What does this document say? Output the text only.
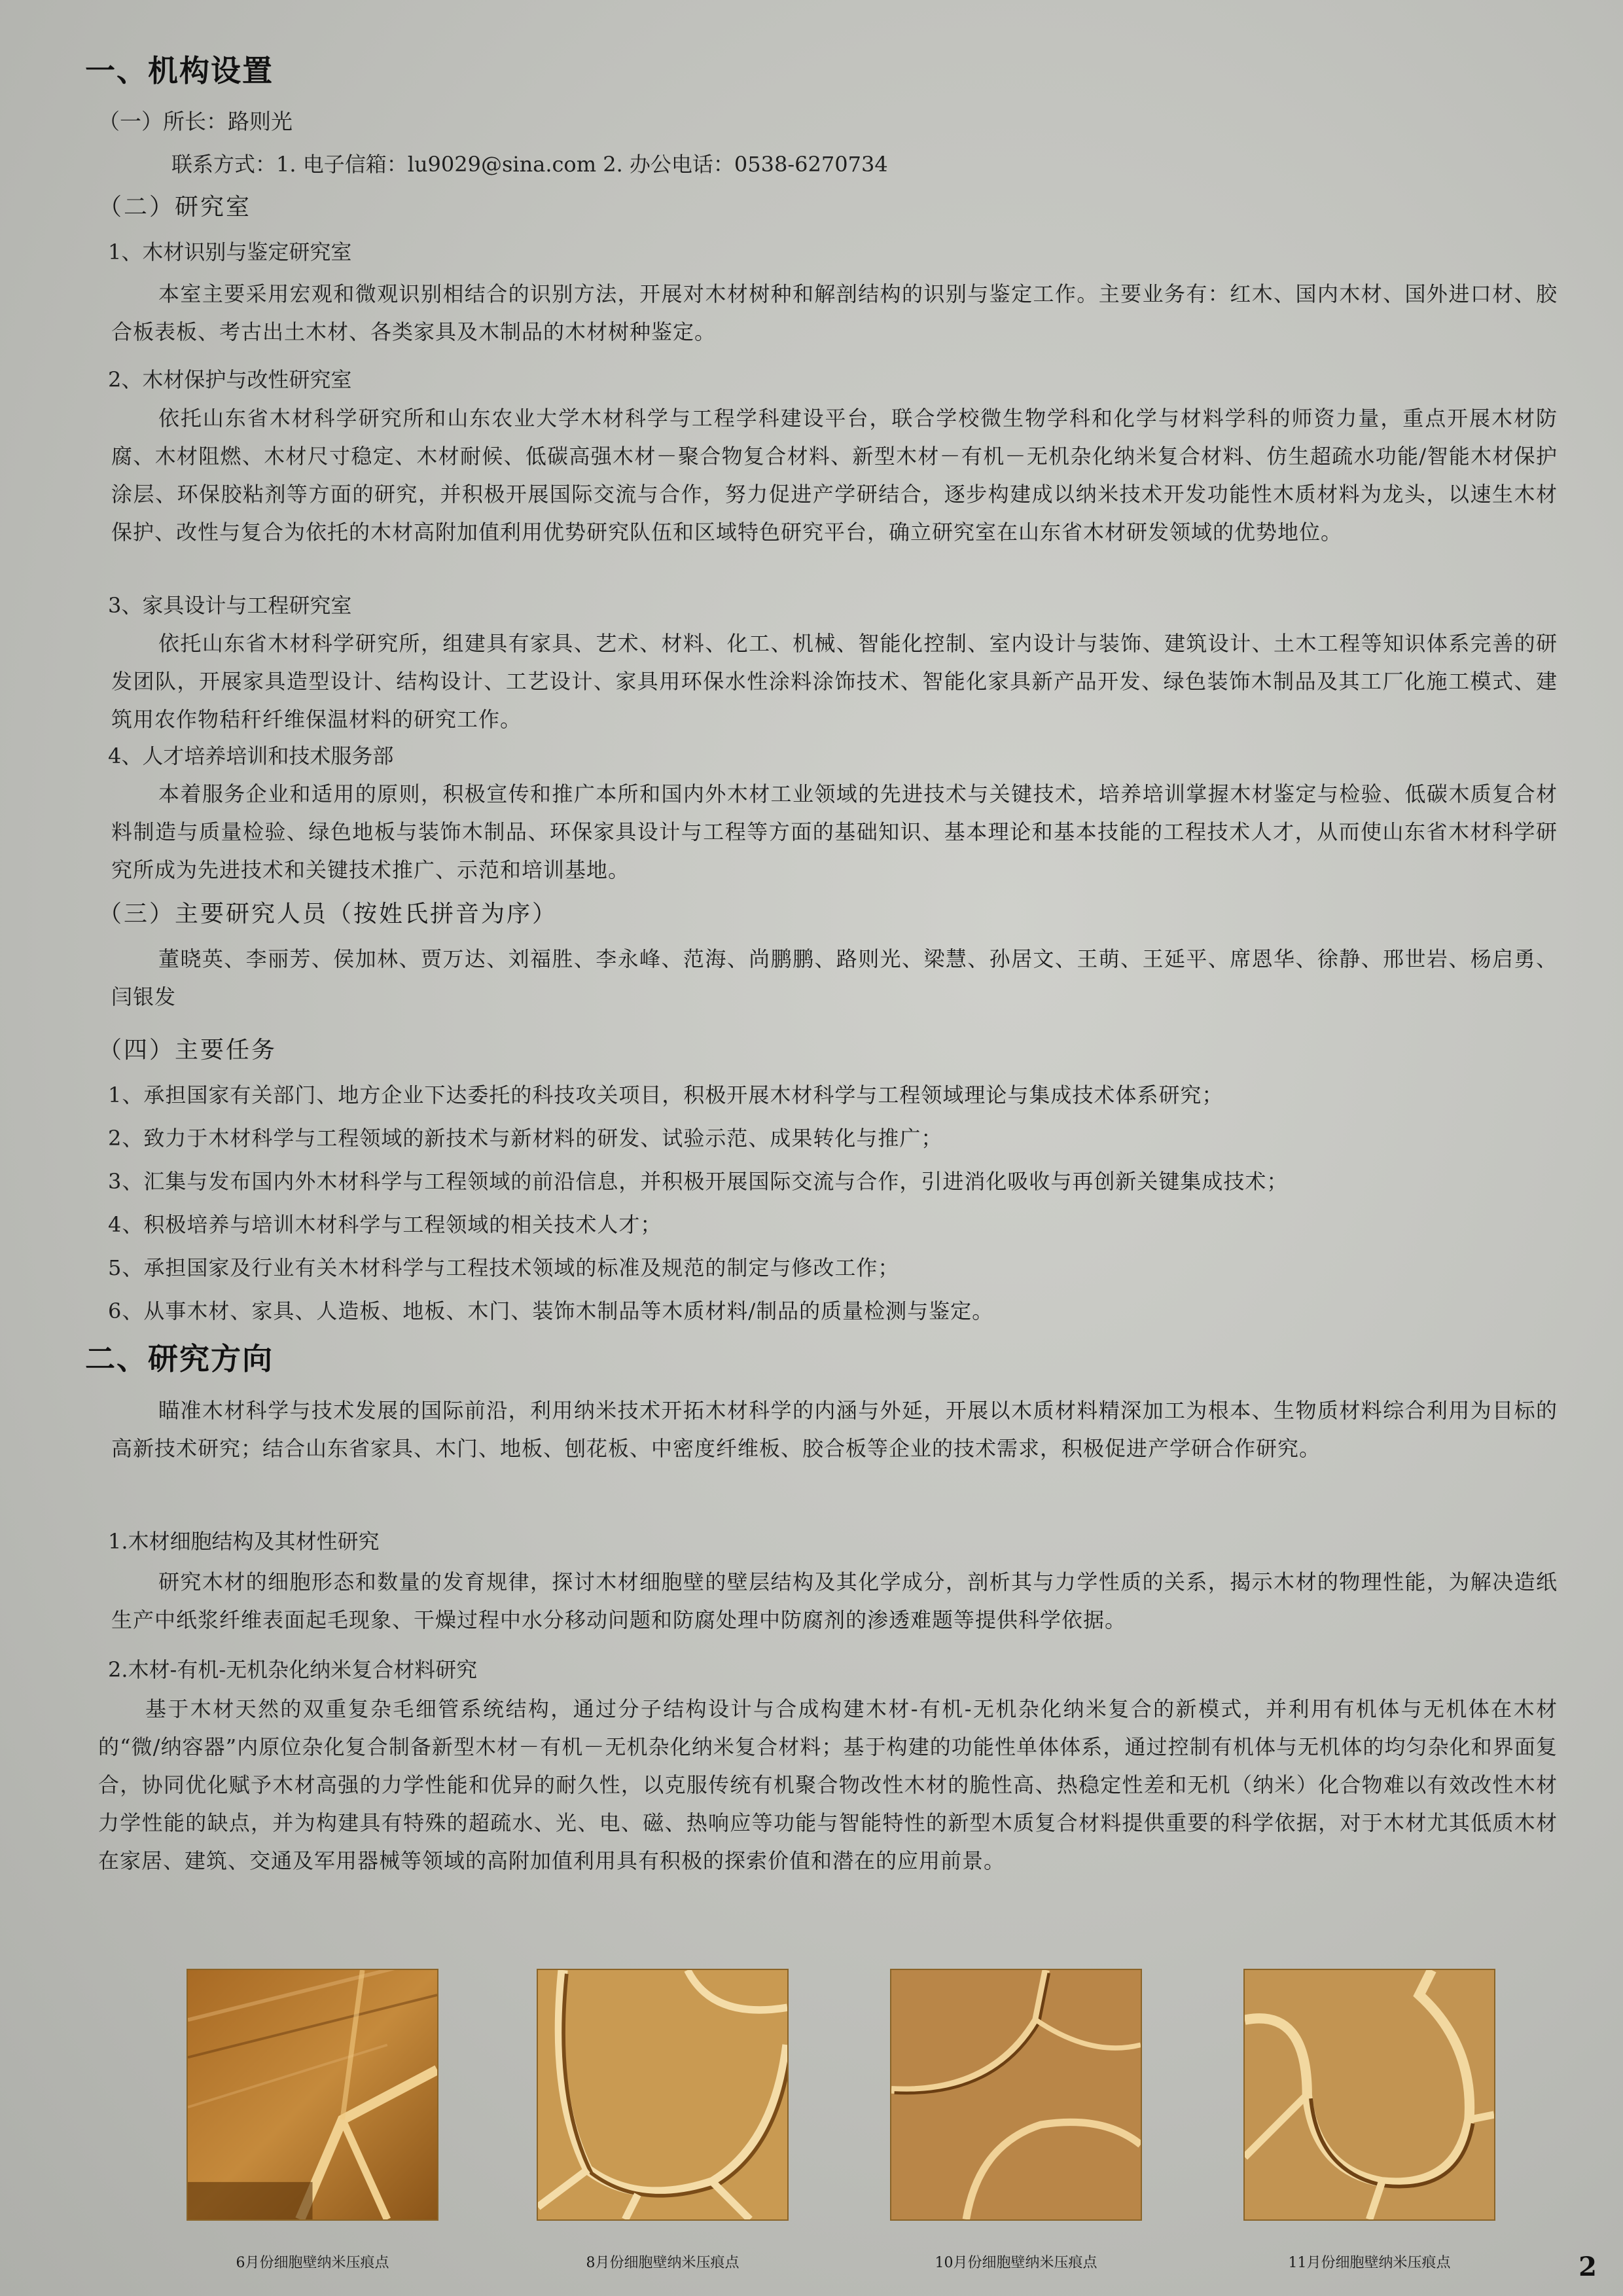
一、机构设置
（一）所长：路则光
联系方式：1. 电子信箱：lu9029@sina.com 2. 办公电话：0538-6270734
（二）研究室
1、木材识别与鉴定研究室
本室主要采用宏观和微观识别相结合的识别方法，开展对木材树种和解剖结构的识别与鉴定工作。主要业务有：红木、国内木材、国外进口材、胶合板表板、考古出土木材、各类家具及木制品的木材树种鉴定。
2、木材保护与改性研究室
依托山东省木材科学研究所和山东农业大学木材科学与工程学科建设平台，联合学校微生物学科和化学与材料学科的师资力量，重点开展木材防腐、木材阻燃、木材尺寸稳定、木材耐候、低碳高强木材－聚合物复合材料、新型木材－有机－无机杂化纳米复合材料、仿生超疏水功能/智能木材保护涂层、环保胶粘剂等方面的研究，并积极开展国际交流与合作，努力促进产学研结合，逐步构建成以纳米技术开发功能性木质材料为龙头，以速生木材保护、改性与复合为依托的木材高附加值利用优势研究队伍和区域特色研究平台，确立研究室在山东省木材研发领域的优势地位。
3、家具设计与工程研究室
依托山东省木材科学研究所，组建具有家具、艺术、材料、化工、机械、智能化控制、室内设计与装饰、建筑设计、土木工程等知识体系完善的研发团队，开展家具造型设计、结构设计、工艺设计、家具用环保水性涂料涂饰技术、智能化家具新产品开发、绿色装饰木制品及其工厂化施工模式、建筑用农作物秸秆纤维保温材料的研究工作。
4、人才培养培训和技术服务部
本着服务企业和适用的原则，积极宣传和推广本所和国内外木材工业领域的先进技术与关键技术，培养培训掌握木材鉴定与检验、低碳木质复合材料制造与质量检验、绿色地板与装饰木制品、环保家具设计与工程等方面的基础知识、基本理论和基本技能的工程技术人才，从而使山东省木材科学研究所成为先进技术和关键技术推广、示范和培训基地。
（三）主要研究人员（按姓氏拼音为序）
董晓英、李丽芳、侯加林、贾万达、刘福胜、李永峰、范海、尚鹏鹏、路则光、梁慧、孙居文、王萌、王延平、席恩华、徐静、邢世岩、杨启勇、闫银发
（四）主要任务
1、承担国家有关部门、地方企业下达委托的科技攻关项目，积极开展木材科学与工程领域理论与集成技术体系研究；
2、致力于木材科学与工程领域的新技术与新材料的研发、试验示范、成果转化与推广；
3、汇集与发布国内外木材科学与工程领域的前沿信息，并积极开展国际交流与合作，引进消化吸收与再创新关键集成技术；
4、积极培养与培训木材科学与工程领域的相关技术人才；
5、承担国家及行业有关木材科学与工程技术领域的标准及规范的制定与修改工作；
6、从事木材、家具、人造板、地板、木门、装饰木制品等木质材料/制品的质量检测与鉴定。
二、研究方向
瞄准木材科学与技术发展的国际前沿，利用纳米技术开拓木材科学的内涵与外延，开展以木质材料精深加工为根本、生物质材料综合利用为目标的高新技术研究；结合山东省家具、木门、地板、刨花板、中密度纤维板、胶合板等企业的技术需求，积极促进产学研合作研究。
1.木材细胞结构及其材性研究
研究木材的细胞形态和数量的发育规律，探讨木材细胞壁的壁层结构及其化学成分，剖析其与力学性质的关系，揭示木材的物理性能，为解决造纸生产中纸浆纤维表面起毛现象、干燥过程中水分移动问题和防腐处理中防腐剂的渗透难题等提供科学依据。
2.木材-有机-无机杂化纳米复合材料研究
基于木材天然的双重复杂毛细管系统结构，通过分子结构设计与合成构建木材-有机-无机杂化纳米复合的新模式，并利用有机体与无机体在木材的“微/纳容器”内原位杂化复合制备新型木材－有机－无机杂化纳米复合材料；基于构建的功能性单体体系，通过控制有机体与无机体的均匀杂化和界面复合，协同优化赋予木材高强的力学性能和优异的耐久性，以克服传统有机聚合物改性木材的脆性高、热稳定性差和无机（纳米）化合物难以有效改性木材力学性能的缺点，并为构建具有特殊的超疏水、光、电、磁、热响应等功能与智能特性的新型木质复合材料提供重要的科学依据，对于木材尤其低质木材在家居、建筑、交通及军用器械等领域的高附加值利用具有积极的探索价值和潜在的应用前景。
6月份细胞壁纳米压痕点	8月份细胞壁纳米压痕点	10月份细胞壁纳米压痕点	11月份细胞壁纳米压痕点	2
